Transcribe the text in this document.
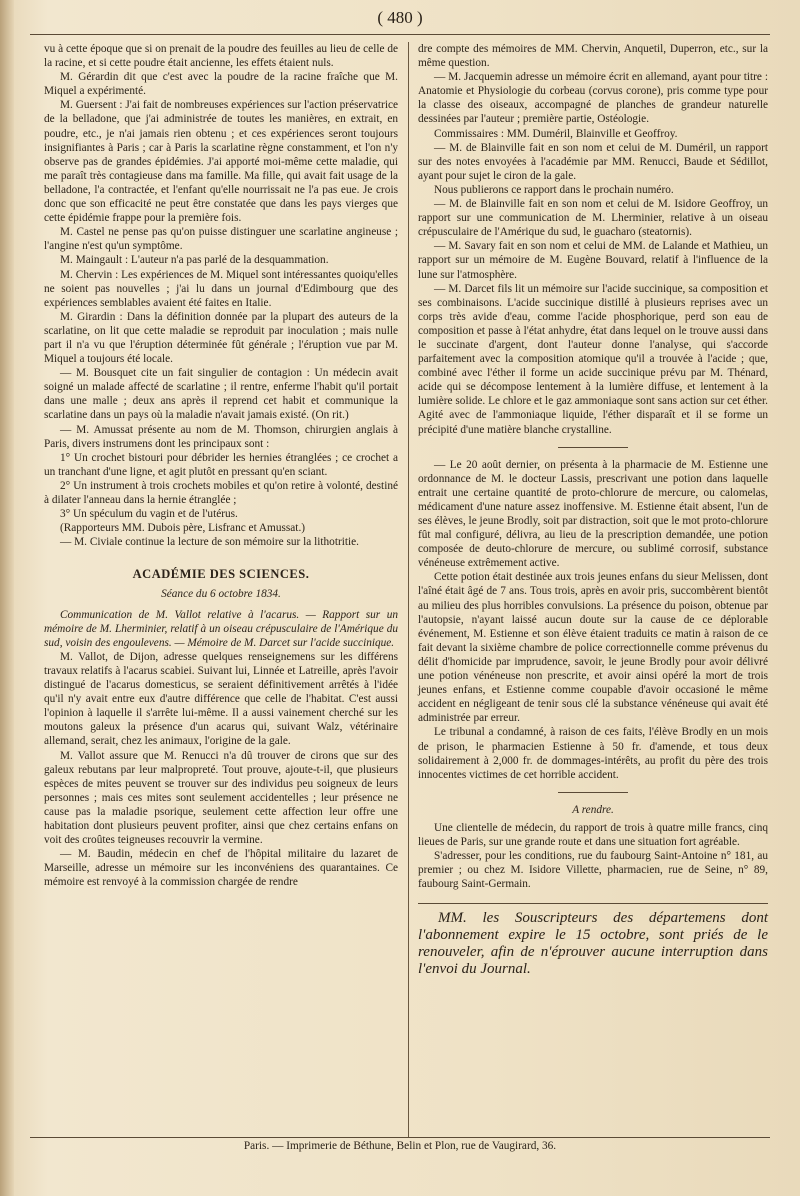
( 480 )

vu à cette époque que si on prenait de la poudre des feuilles au lieu de celle de la racine, et si cette poudre était ancienne, les effets étaient nuls.

M. Gérardin dit que c'est avec la poudre de la racine fraîche que M. Miquel a expérimenté.

M. Guersent : J'ai fait de nombreuses expériences sur l'action préservatrice de la belladone, que j'ai administrée de toutes les manières, en extrait, en poudre, etc., je n'ai jamais rien obtenu ; et ces expériences seront toujours insignifiantes à Paris ; car à Paris la scarlatine règne constamment, et l'on n'y observe pas de grandes épidémies. J'ai apporté moi-même cette maladie, qui me paraît très contagieuse dans ma famille. Ma fille, qui avait fait usage de la belladone, l'a contractée, et l'enfant qu'elle nourrissait ne l'a pas eue. Je crois donc que son efficacité ne peut être constatée que dans les pays vierges que cette épidémie frappe pour la première fois.

M. Castel ne pense pas qu'on puisse distinguer une scarlatine angineuse ; l'angine n'est qu'un symptôme.

M. Maingault : L'auteur n'a pas parlé de la desquammation.

M. Chervin : Les expériences de M. Miquel sont intéressantes quoiqu'elles ne soient pas nouvelles ; j'ai lu dans un journal d'Edimbourg que des expériences semblables avaient été faites en Italie.

M. Girardin : Dans la définition donnée par la plupart des auteurs de la scarlatine, on lit que cette maladie se reproduit par inoculation ; mais nulle part il n'a vu que l'éruption déterminée fût générale ; l'éruption vue par M. Miquel a toujours été locale.

— M. Bousquet cite un fait singulier de contagion : Un médecin avait soigné un malade affecté de scarlatine ; il rentre, enferme l'habit qu'il portait dans une malle ; deux ans après il reprend cet habit et communique la scarlatine dans un pays où la maladie n'avait jamais existé. (On rit.)

— M. Amussat présente au nom de M. Thomson, chirurgien anglais à Paris, divers instrumens dont les principaux sont :

1° Un crochet bistouri pour débrider les hernies étranglées ; ce crochet a un tranchant d'une ligne, et agit plutôt en pressant qu'en sciant.

2° Un instrument à trois crochets mobiles et qu'on retire à volonté, destiné à dilater l'anneau dans la hernie étranglée ;

3° Un spéculum du vagin et de l'utérus.

(Rapporteurs MM. Dubois père, Lisfranc et Amussat.)

— M. Civiale continue la lecture de son mémoire sur la lithotritie.

ACADÉMIE DES SCIENCES.
Séance du 6 octobre 1834.

Communication de M. Vallot relative à l'acarus. — Rapport sur un mémoire de M. Lherminier, relatif à un oiseau crépusculaire de l'Amérique du sud, voisin des engoulevens. — Mémoire de M. Darcet sur l'acide succinique.

M. Vallot, de Dijon, adresse quelques renseignemens sur les différens travaux relatifs à l'acarus scabiei. Suivant lui, Linnée et Latreille, après l'avoir distingué de l'acarus domesticus, se seraient définitivement arrêtés à l'idée qu'il n'y avait entre eux d'autre différence que celle de l'habitat. C'est aussi l'opinion à laquelle il s'arrête lui-même. Il a aussi vainement cherché sur les moutons galeux la présence d'un acarus qui, suivant Walz, vétérinaire allemand, serait, chez les animaux, l'origine de la gale.

M. Vallot assure que M. Renucci n'a dû trouver de cirons que sur des galeux rebutans par leur malpropreté. Tout prouve, ajoute-t-il, que plusieurs espèces de mites peuvent se trouver sur des individus peu soigneux de leurs personnes ; mais ces mites sont seulement accidentelles ; leur présence ne cause pas la maladie psorique, seulement cette affection leur offre une habitation dont plusieurs peuvent profiter, ainsi que chez certains enfans on voit des croûtes teigneuses recouvrir la vermine.

— M. Baudin, médecin en chef de l'hôpital militaire du lazaret de Marseille, adresse un mémoire sur les inconvéniens des quarantaines. Ce mémoire est renvoyé à la commission chargée de rendre

dre compte des mémoires de MM. Chervin, Anquetil, Duperron, etc., sur la même question.

— M. Jacquemin adresse un mémoire écrit en allemand, ayant pour titre : Anatomie et Physiologie du corbeau (corvus corone), pris comme type pour la classe des oiseaux, accompagné de planches de grandeur naturelle dessinées par l'auteur ; première partie, Ostéologie.

Commissaires : MM. Duméril, Blainville et Geoffroy.

— M. de Blainville fait en son nom et celui de M. Duméril, un rapport sur des notes envoyées à l'académie par MM. Renucci, Baude et Sédillot, ayant pour sujet le ciron de la gale.

Nous publierons ce rapport dans le prochain numéro.

— M. de Blainville fait en son nom et celui de M. Isidore Geoffroy, un rapport sur une communication de M. Lherminier, relative à un oiseau crépusculaire de l'Amérique du sud, le guacharo (steatornis).

— M. Savary fait en son nom et celui de MM. de Lalande et Mathieu, un rapport sur un mémoire de M. Eugène Bouvard, relatif à l'influence de la lune sur l'atmosphère.

— M. Darcet fils lit un mémoire sur l'acide succinique, sa composition et ses combinaisons. L'acide succinique distillé à plusieurs reprises avec un corps très avide d'eau, comme l'acide phosphorique, perd son eau de composition et passe à l'état anhydre, état dans lequel on le trouve aussi dans le succinate d'argent, dont l'auteur donne l'analyse, qui s'accorde parfaitement avec la composition atomique qu'il a trouvée à l'acide ; que, combiné avec l'éther il forme un acide succinique prévu par M. Thénard, acide qui se décompose lentement à la lumière diffuse, et lentement à la lumière solide. Le chlore et le gaz ammoniaque sont sans action sur cet éther. Agité avec de l'ammoniaque liquide, l'éther disparaît et il se forme un précipité d'une matière blanche crystalline.

— Le 20 août dernier, on présenta à la pharmacie de M. Estienne une ordonnance de M. le docteur Lassis, prescrivant une potion dans laquelle entrait une certaine quantité de proto-chlorure de mercure, ou calomelas, médicament d'une nature assez inoffensive. M. Estienne était absent, l'un de ses élèves, le jeune Brodly, soit par distraction, soit que le mot proto-chlorure fût mal configuré, délivra, au lieu de la prescription demandée, une potion composée de deuto-chlorure de mercure, ou sublimé corrosif, substance vénéneuse extrêmement active.

Cette potion était destinée aux trois jeunes enfans du sieur Melissen, dont l'aîné était âgé de 7 ans. Tous trois, après en avoir pris, succombèrent bientôt au milieu des plus horribles convulsions. La présence du poison, obtenue par l'autopsie, n'ayant laissé aucun doute sur la cause de ce déplorable événement, M. Estienne et son élève étaient traduits ce matin à raison de ce fait devant la sixième chambre de police correctionnelle comme prévenus du délit d'homicide par imprudence, savoir, le jeune Brodly pour avoir délivré une potion vénéneuse non prescrite, et avoir ainsi opéré la mort de trois jeunes enfans, et Estienne comme coupable d'avoir occasioné le même accident en négligeant de tenir sous clé la substance vénéneuse qui avait été administrée par erreur.

Le tribunal a condamné, à raison de ces faits, l'élève Brodly en un mois de prison, le pharmacien Estienne à 50 fr. d'amende, et tous deux solidairement à 2,000 fr. de dommages-intérêts, au profit du père des trois innocentes victimes de cet horrible accident.

A rendre.

Une clientelle de médecin, du rapport de trois à quatre mille francs, cinq lieues de Paris, sur une grande route et dans une situation fort agréable.

S'adresser, pour les conditions, rue du faubourg Saint-Antoine n° 181, au premier ; ou chez M. Isidore Villette, pharmacien, rue de Seine, n° 89, faubourg Saint-Germain.

MM. les Souscripteurs des départemens dont l'abonnement expire le 15 octobre, sont priés de le renouveler, afin de n'éprouver aucune interruption dans l'envoi du Journal.

Paris. — Imprimerie de Béthune, Belin et Plon, rue de Vaugirard, 36.
